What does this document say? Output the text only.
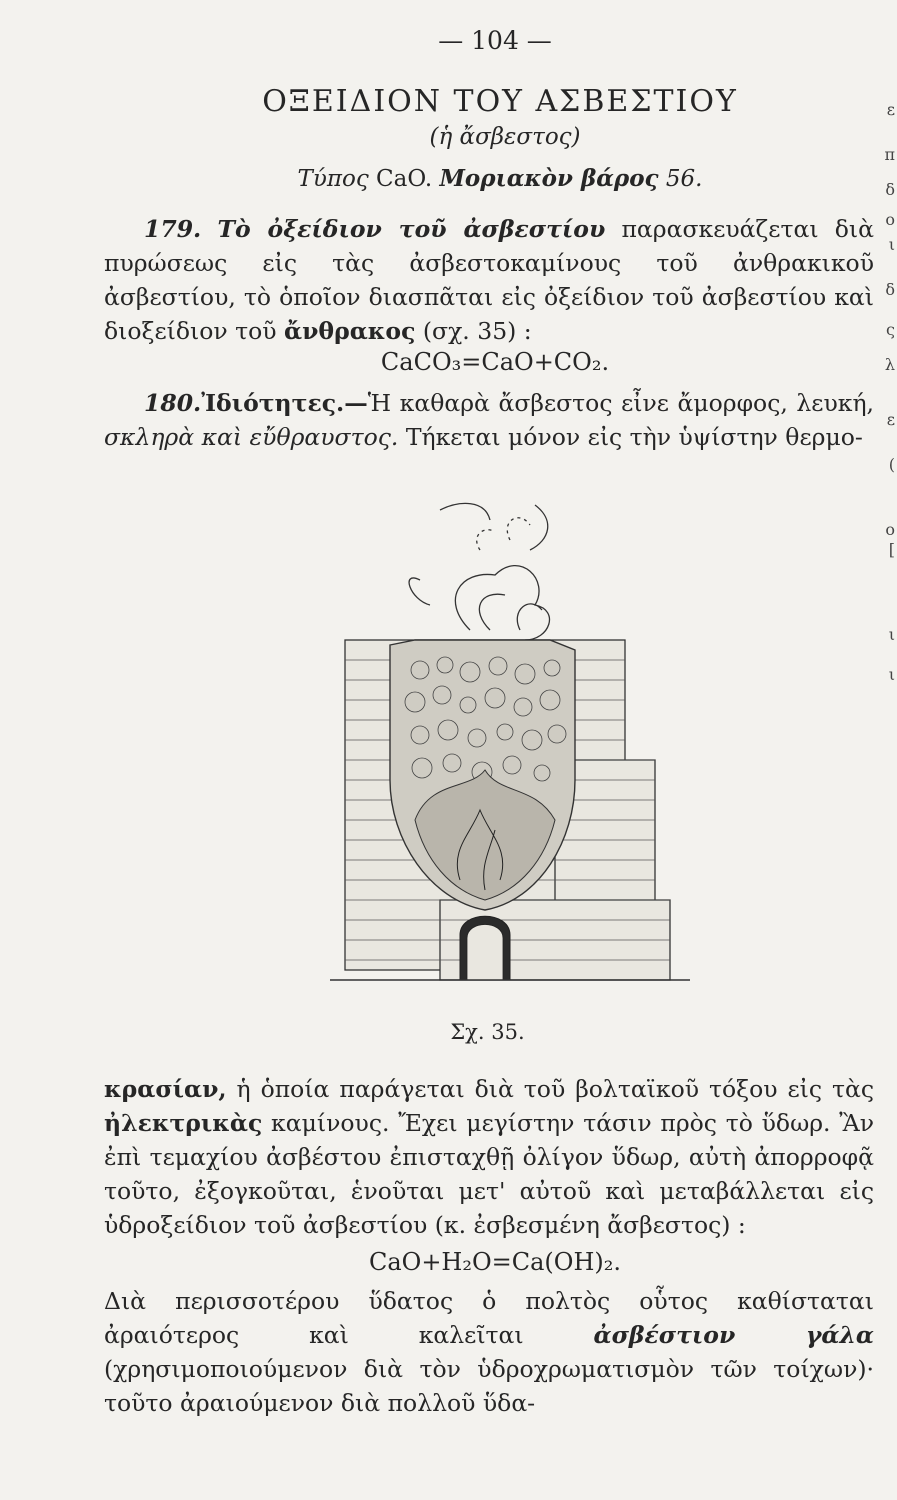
— 104 —
ΟΞΕΙΔΙΟΝ ΤΟΥ ΑΣΒΕΣΤΙΟΥ
(ἡ ἄσβεστος)
Τύπος CaO. Μοριακὸν βάρος 56.
179. Τὸ ὀξείδιον τοῦ ἀσβεστίου παρασκευάζεται διὰ πυρώσεως εἰς τὰς ἀσβεστοκαμίνους τοῦ ἀνθρακικοῦ ἀσβεστίου, τὸ ὁποῖον διασπᾶται εἰς ὀξείδιον τοῦ ἀσβεστίου καὶ διοξείδιον τοῦ ἄνθρακος (σχ. 35) :
CaCO₃=CaO+CO₂.
180.Ἰδιότητες.—Ἡ καθαρὰ ἄσβεστος εἶνε ἄμορφος, λευκή, σκληρὰ καὶ εὔθραυστος. Τήκεται μόνον εἰς τὴν ὑψίστην θερμο-
Σχ. 35.
κρασίαν, ἡ ὁποία παράγεται διὰ τοῦ βολταϊκοῦ τόξου εἰς τὰς ἠλεκτρικὰς καμίνους. Ἔχει μεγίστην τάσιν πρὸς τὸ ὕδωρ. Ἂν ἐπὶ τεμαχίου ἀσβέστου ἐπισταχθῇ ὀλίγον ὕδωρ, αὐτὴ ἀπορροφᾷ τοῦτο, ἐξογκοῦται, ἑνοῦται μετ' αὐτοῦ καὶ μεταβάλλεται εἰς ὑδροξείδιον τοῦ ἀσβεστίου (κ. ἐσβεσμένη ἄσβεστος) :
CaO+H₂O=Ca(OH)₂.
Διὰ περισσοτέρου ὕδατος ὁ πολτὸς οὗτος καθίσταται ἀραιότερος καὶ καλεῖται ἀσβέστιον γάλα (χρησιμοποιούμενον διὰ τὸν ὑδροχρωματισμὸν τῶν τοίχων)· τοῦτο ἀραιούμενον διὰ πολλοῦ ὕδα-
ε
π
δ
ο
ι
δ
ς
λ
ε
(
ο
[
ι
ι
